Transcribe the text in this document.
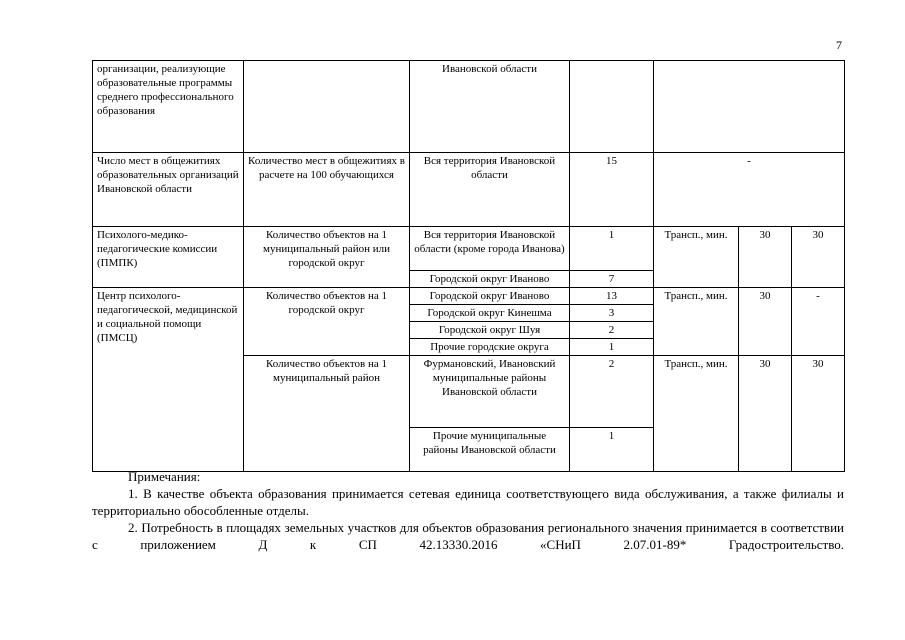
7
организации, реализующие образовательные программы среднего профессионального образования		Ивановской области				
Число мест в общежитиях образовательных организаций Ивановской области	Количество мест в общежитиях в расчете на 100 обучающихся	Вся территория Ивановской области	15	-		
Психолого-медико-педагогические комиссии (ПМПК)	Количество объектов на 1 муниципальный район или городской округ	Вся территория Ивановской области (кроме города Иванова)	1	Трансп., мин.	30	30
		Городской округ Иваново	7			
Центр психолого-педагогической, медицинской и социальной помощи (ПМСЦ)	Количество объектов на 1 городской округ	Городской округ Иваново	13	Трансп., мин.	30	-
		Городской округ Кинешма	3			
		Городской округ Шуя	2			
		Прочие городские округа	1			
	Количество объектов на 1 муниципальный район	Фурмановский, Ивановский муниципальные районы Ивановской области	2	Трансп., мин.	30	30
		Прочие муниципальные районы Ивановской области	1			

Примечания:

1. В качестве объекта образования принимается сетевая единица соответствующего вида обслуживания, а также филиалы и территориально обособленные отделы.

2. Потребность в площадях земельных участков для объектов образования регионального значения принимается в соответствии с приложением Д к СП 42.13330.2016 «СНиП 2.07.01-89* Градостроительство.
